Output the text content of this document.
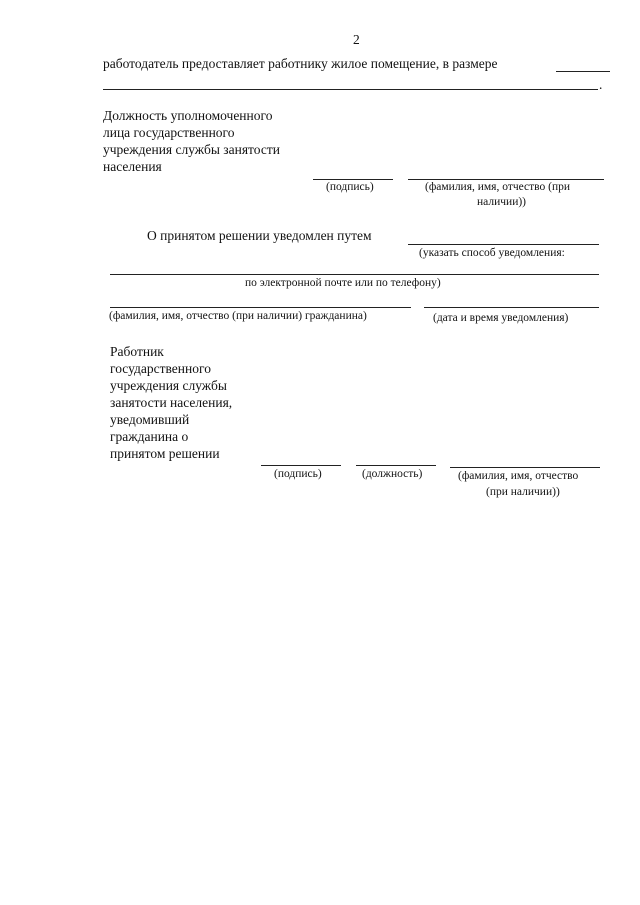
2
работодатель предоставляет работнику жилое помещение, в размере
.
Должность уполномоченного
лица государственного
учреждения службы занятости
населения
(подпись)	(фамилия, имя, отчество (при
наличии))
О принятом решении уведомлен путем
(указать способ уведомления:
по электронной почте или по телефону)
(фамилия, имя, отчество (при наличии) гражданина)	(дата и время уведомления)
Работник
государственного
учреждения службы
занятости населения,
уведомивший
гражданина о
принятом решении
(подпись)	(должность)	(фамилия, имя, отчество
(при наличии))
